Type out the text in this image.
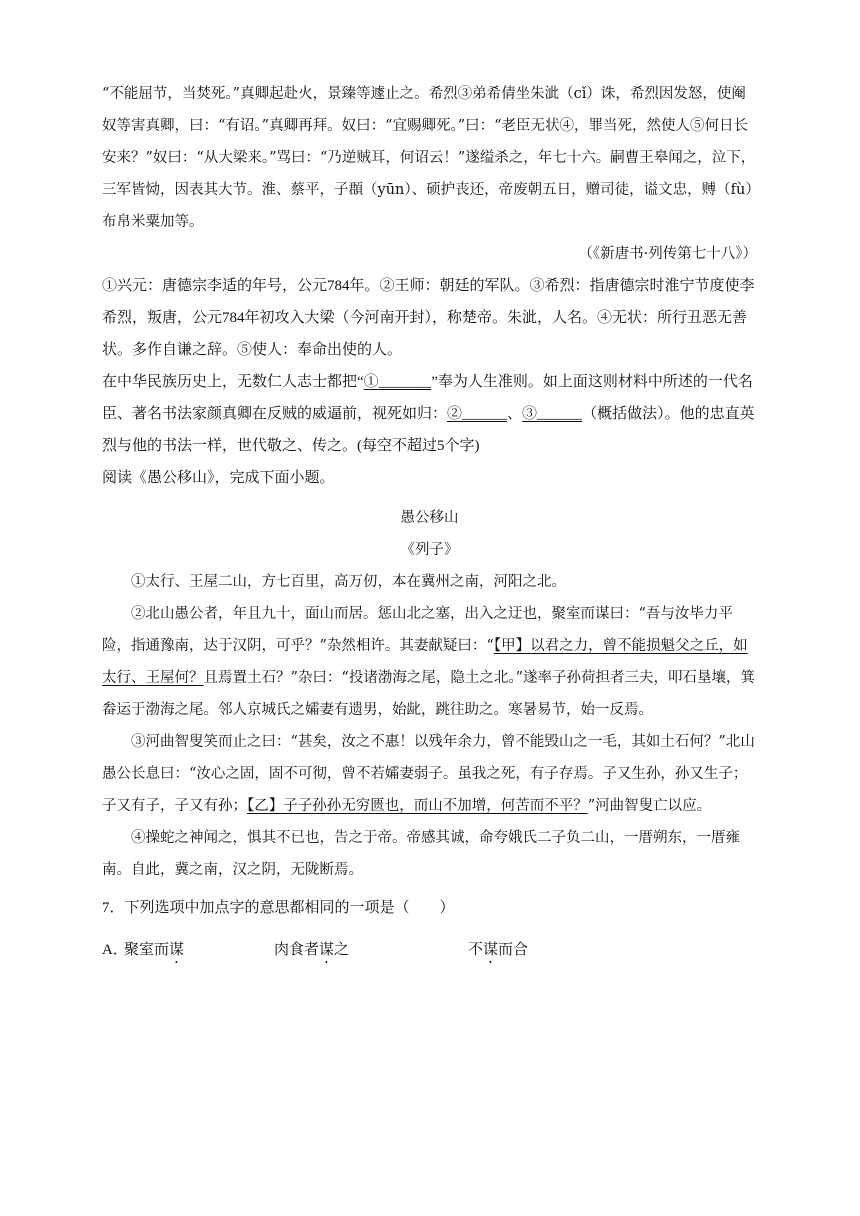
“不能屈节，当焚死。”真卿起赴火，景臻等遽止之。希烈③弟希倩坐朱泚（cǐ）诛，希烈因发怒，使阉奴等害真卿，曰：“有诏。”真卿再拜。奴曰：“宜赐卿死。”曰：“老臣无状④，罪当死，然使人⑤何日长安来？”奴曰：“从大梁来。”骂曰：“乃逆贼耳，何诏云！”遂缢杀之，年七十六。嗣曹王皋闻之，泣下，三军皆恸，因表其大节。淮、蔡平，子頵（yūn）、硕护丧还，帝废朝五日，赠司徒，谥文忠，赙（fù）布帛米粟加等。

（《新唐书·列传第七十八》）

①兴元：唐德宗李适的年号，公元784年。②王师：朝廷的军队。③希烈：指唐德宗时淮宁节度使李希烈，叛唐，公元784年初攻入大梁（今河南开封），称楚帝。朱泚，人名。④无状：所行丑恶无善状。多作自谦之辞。⑤使人：奉命出使的人。

在中华民族历史上，无数仁人志士都把“①_______”奉为人生准则。如上面这则材料中所述的一代名臣、著名书法家颜真卿在反贼的威逼前，视死如归：②______、③______（概括做法）。他的忠直英烈与他的书法一样，世代敬之、传之。(每空不超过5个字)

阅读《愚公移山》，完成下面小题。

愚公移山

《列子》

①太行、王屋二山，方七百里，高万仞，本在冀州之南，河阳之北。

②北山愚公者，年且九十，面山而居。惩山北之塞，出入之迂也，聚室而谋曰：“吾与汝毕力平险，指通豫南，达于汉阴，可乎？”杂然相许。其妻献疑曰：“【甲】以君之力，曾不能损魁父之丘，如太行、王屋何？且焉置土石？”杂曰：“投诸渤海之尾，隐土之北。”遂率子孙荷担者三夫，叩石垦壤，箕畚运于渤海之尾。邻人京城氏之孀妻有遗男，始龀，跳往助之。寒暑易节，始一反焉。

③河曲智叟笑而止之曰：“甚矣，汝之不惠！以残年余力，曾不能毁山之一毛，其如土石何？”北山愚公长息曰：“汝心之固，固不可彻，曾不若孀妻弱子。虽我之死，有子存焉。子又生孙，孙又生子；子又有子，子又有孙；【乙】子子孙孙无穷匮也，而山不加增，何苦而不平？”河曲智叟亡以应。

④操蛇之神闻之，惧其不已也，告之于帝。帝感其诚，命夸娥氏二子负二山，一厝朔东，一厝雍南。自此，冀之南，汉之阴，无陇断焉。

7．下列选项中加点字的意思都相同的一项是（　　）

A．
聚室而谋	肉食者谋之	不谋而合
